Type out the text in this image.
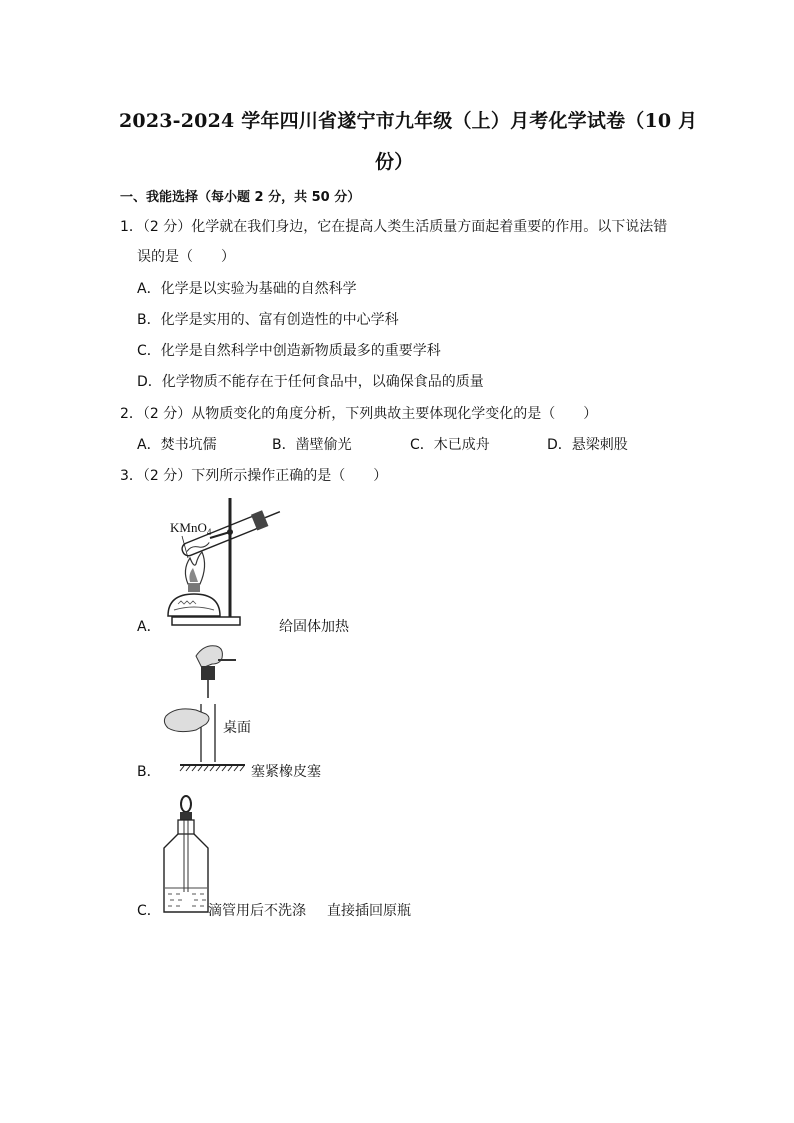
2023-2024 学年四川省遂宁市九年级（上）月考化学试卷（10 月
份）
一、我能选择（每小题 2 分，共 50 分）
1．（2 分）化学就在我们身边，它在提高人类生活质量方面起着重要的作用。以下说法错
误的是（　　）
A．化学是以实验为基础的自然科学
B．化学是实用的、富有创造性的中心学科
C．化学是自然科学中创造新物质最多的重要学科
D．化学物质不能存在于任何食品中，以确保食品的质量
2．（2 分）从物质变化的角度分析，下列典故主要体现化学变化的是（　　）
A．焚书坑儒	B．凿壁偷光	C．木已成舟	D．悬梁刺股
3．（2 分）下列所示操作正确的是（　　）
A．
KMnO$_4$
给固体加热
B．
桌面
塞紧橡皮塞
C．	滴管用后不洗涤 直接插回原瓶
